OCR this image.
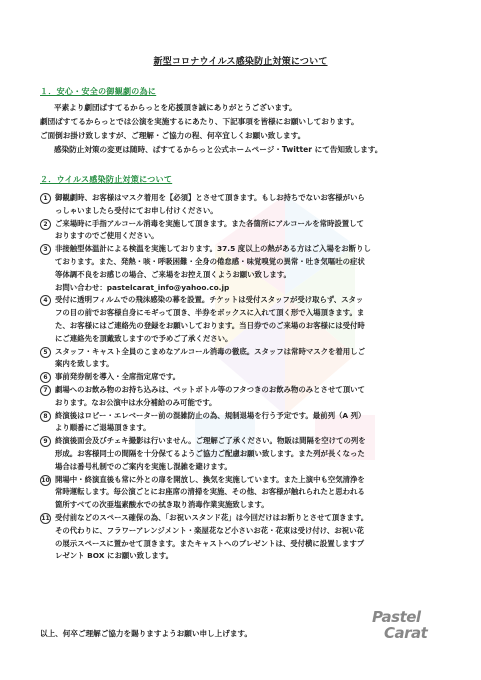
新型コロナウイルス感染防止対策について
１．安心・安全の御観劇の為に
平素より劇団ぱすてるからっとを応援頂き誠にありがとうございます。
劇団ぱすてるからっとでは公演を実施するにあたり、下記事項を皆様にお願いしております。
ご面倒お掛け致しますが、ご理解・ご協力の程、何卒宜しくお願い致します。
感染防止対策の変更は随時、ぱすてるからっと公式ホームページ・Twitter にて告知致します。
２．ウイルス感染防止対策について
1	御観劇時、お客様はマスク着用を【必須】とさせて頂きます。もしお持ちでないお客様がいら
っしゃいましたら受付にてお申し付けください。
2	ご来場時に手指アルコール消毒を実施して頂きます。また各箇所にアルコールを常時設置して
おりますのでご使用ください。
3	非接触型体温計による検温を実施しております。37.5 度以上の熱がある方はご入場をお断りし
ております。また、発熱・咳・呼吸困難・全身の倦怠感・味覚嗅覚の異常・吐き気嘔吐の症状
等体調不良をお感じの場合、ご来場をお控え頂くようお願い致します。
お問い合わせ：pastelcarat_info@yahoo.co.jp
4	受付に透明フィルムでの飛沫感染の幕を設置。チケットは受付スタッフが受け取らず、スタッ
フの目の前でお客様自身にモギって頂き、半券をボックスに入れて頂く形で入場頂きます。ま
た、お客様にはご連絡先の登録をお願いしております。当日券でのご来場のお客様には受付時
にご連絡先を頂戴致しますので予めご了承ください。
5	スタッフ・キャスト全員のこまめなアルコール消毒の徹底。スタッフは常時マスクを着用しご
案内を致します。
6	事前発券制を導入・全席指定席です。
7	劇場へのお飲み物のお持ち込みは、ペットボトル等のフタつきのお飲み物のみとさせて頂いて
おります。なお公演中は水分補給のみ可能です。
8	終演後はロビー・エレベーター前の混雑防止の為、規制退場を行う予定です。最前列（A 列）
より順番にご退場頂きます。
9	終演後面会及びチェキ撮影は行いません。ご理解ご了承ください。物販は間隔を空けての列を
形成。お客様同士の間隔を十分保てるようご協力ご配慮お願い致します。また列が長くなった
場合は番号札制でのご案内を実施し混雑を避けます。
10 開場中・終演直後も常に外との扉を開放し、換気を実施しています。また上演中も空気清浄を
常時運転します。毎公演ごとにお座席の清掃を実施、その他、お客様が触れられたと思われる
箇所すべての次亜塩素酸水での拭き取り消毒作業実施致します。
11 受付前などのスペース確保の為、「お祝いスタンド花」は今回だけはお断りとさせて頂きます。
その代わりに、フラワーアレンジメント・楽屋花など小さいお花・花束は受け付け、お祝い花
の展示スペースに置かせて頂きます。またキャストへのプレゼントは、受付横に設置しますプ
レゼント BOX にお願い致します。
以上、何卒ご理解ご協力を賜りますようお願い申し上げます。
Pastel
Carat
